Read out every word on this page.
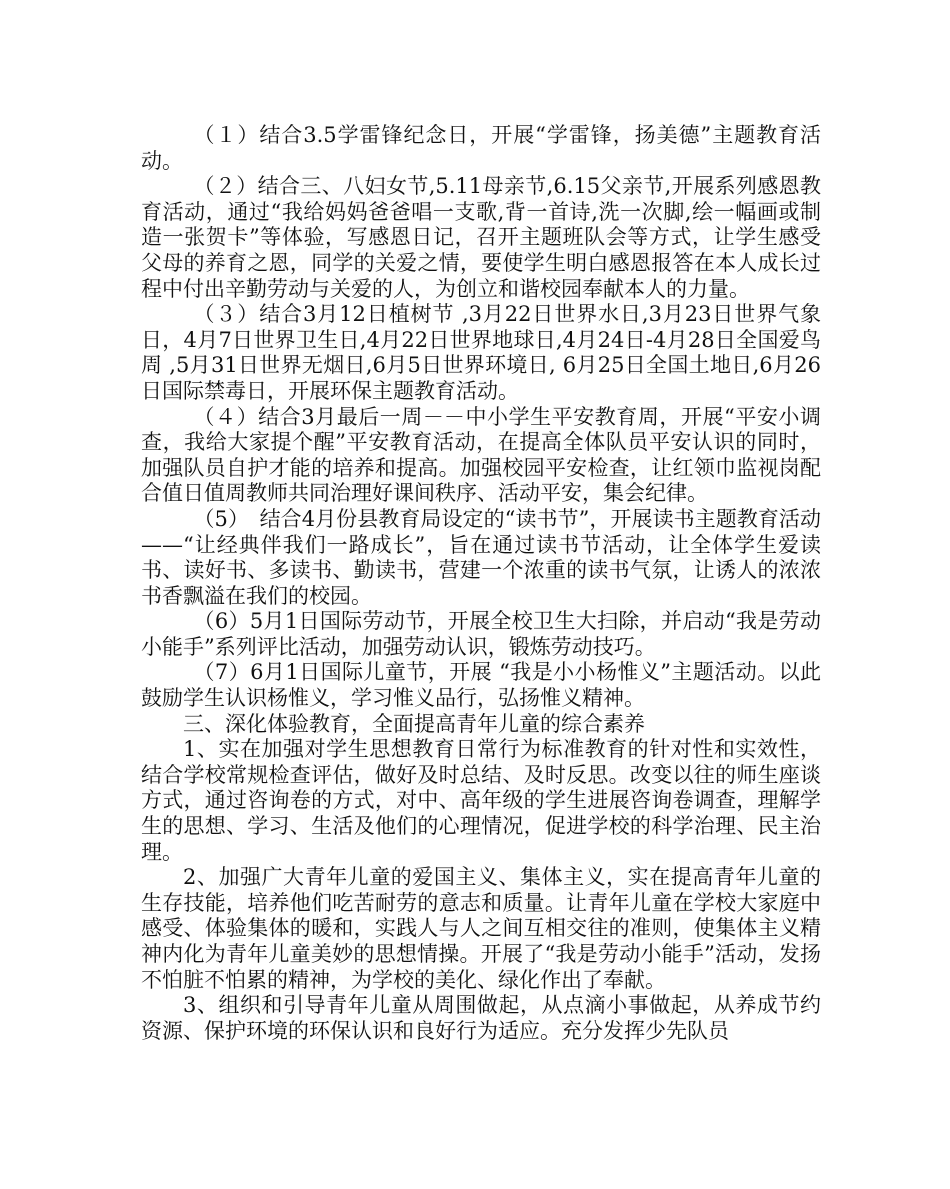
（１）结合3.5学雷锋纪念日，开展“学雷锋，扬美德”主题教育活动。

（２）结合三、八妇女节,5.11母亲节,6.15父亲节,开展系列感恩教育活动，通过“我给妈妈爸爸唱一支歌,背一首诗,洗一次脚,绘一幅画或制造一张贺卡”等体验，写感恩日记，召开主题班队会等方式，让学生感受父母的养育之恩，同学的关爱之情，要使学生明白感恩报答在本人成长过程中付出辛勤劳动与关爱的人，为创立和谐校园奉献本人的力量。

（３）结合3月12日植树节 ,3月22日世界水日,3月23日世界气象日，4月7日世界卫生日,4月22日世界地球日,4月24日-4月28日全国爱鸟周 ,5月31日世界无烟日,6月5日世界环境日, 6月25日全国土地日,6月26日国际禁毒日，开展环保主题教育活动。

（４）结合3月最后一周－－中小学生平安教育周，开展“平安小调查，我给大家提个醒”平安教育活动，在提高全体队员平安认识的同时，加强队员自护才能的培养和提高。加强校园平安检查，让红领巾监视岗配合值日值周教师共同治理好课间秩序、活动平安，集会纪律。

（5）　结合4月份县教育局设定的“读书节”，开展读书主题教育活动——“让经典伴我们一路成长”，旨在通过读书节活动，让全体学生爱读书、读好书、多读书、勤读书，营建一个浓重的读书气氛，让诱人的浓浓书香飘溢在我们的校园。

（6）5月1日国际劳动节，开展全校卫生大扫除，并启动“我是劳动小能手”系列评比活动，加强劳动认识，锻炼劳动技巧。

（7）6月1日国际儿童节，开展 “我是小小杨惟义”主题活动。以此鼓励学生认识杨惟义，学习惟义品行，弘扬惟义精神。

三、深化体验教育，全面提高青年儿童的综合素养

1、实在加强对学生思想教育日常行为标准教育的针对性和实效性，结合学校常规检查评估，做好及时总结、及时反思。改变以往的师生座谈方式，通过咨询卷的方式，对中、高年级的学生进展咨询卷调查，理解学生的思想、学习、生活及他们的心理情况，促进学校的科学治理、民主治理。

2、加强广大青年儿童的爱国主义、集体主义，实在提高青年儿童的生存技能，培养他们吃苦耐劳的意志和质量。让青年儿童在学校大家庭中感受、体验集体的暖和，实践人与人之间互相交往的准则，使集体主义精神内化为青年儿童美妙的思想情操。开展了“我是劳动小能手”活动，发扬不怕脏不怕累的精神，为学校的美化、绿化作出了奉献。

3、组织和引导青年儿童从周围做起，从点滴小事做起，从养成节约资源、保护环境的环保认识和良好行为适应。充分发挥少先队员
